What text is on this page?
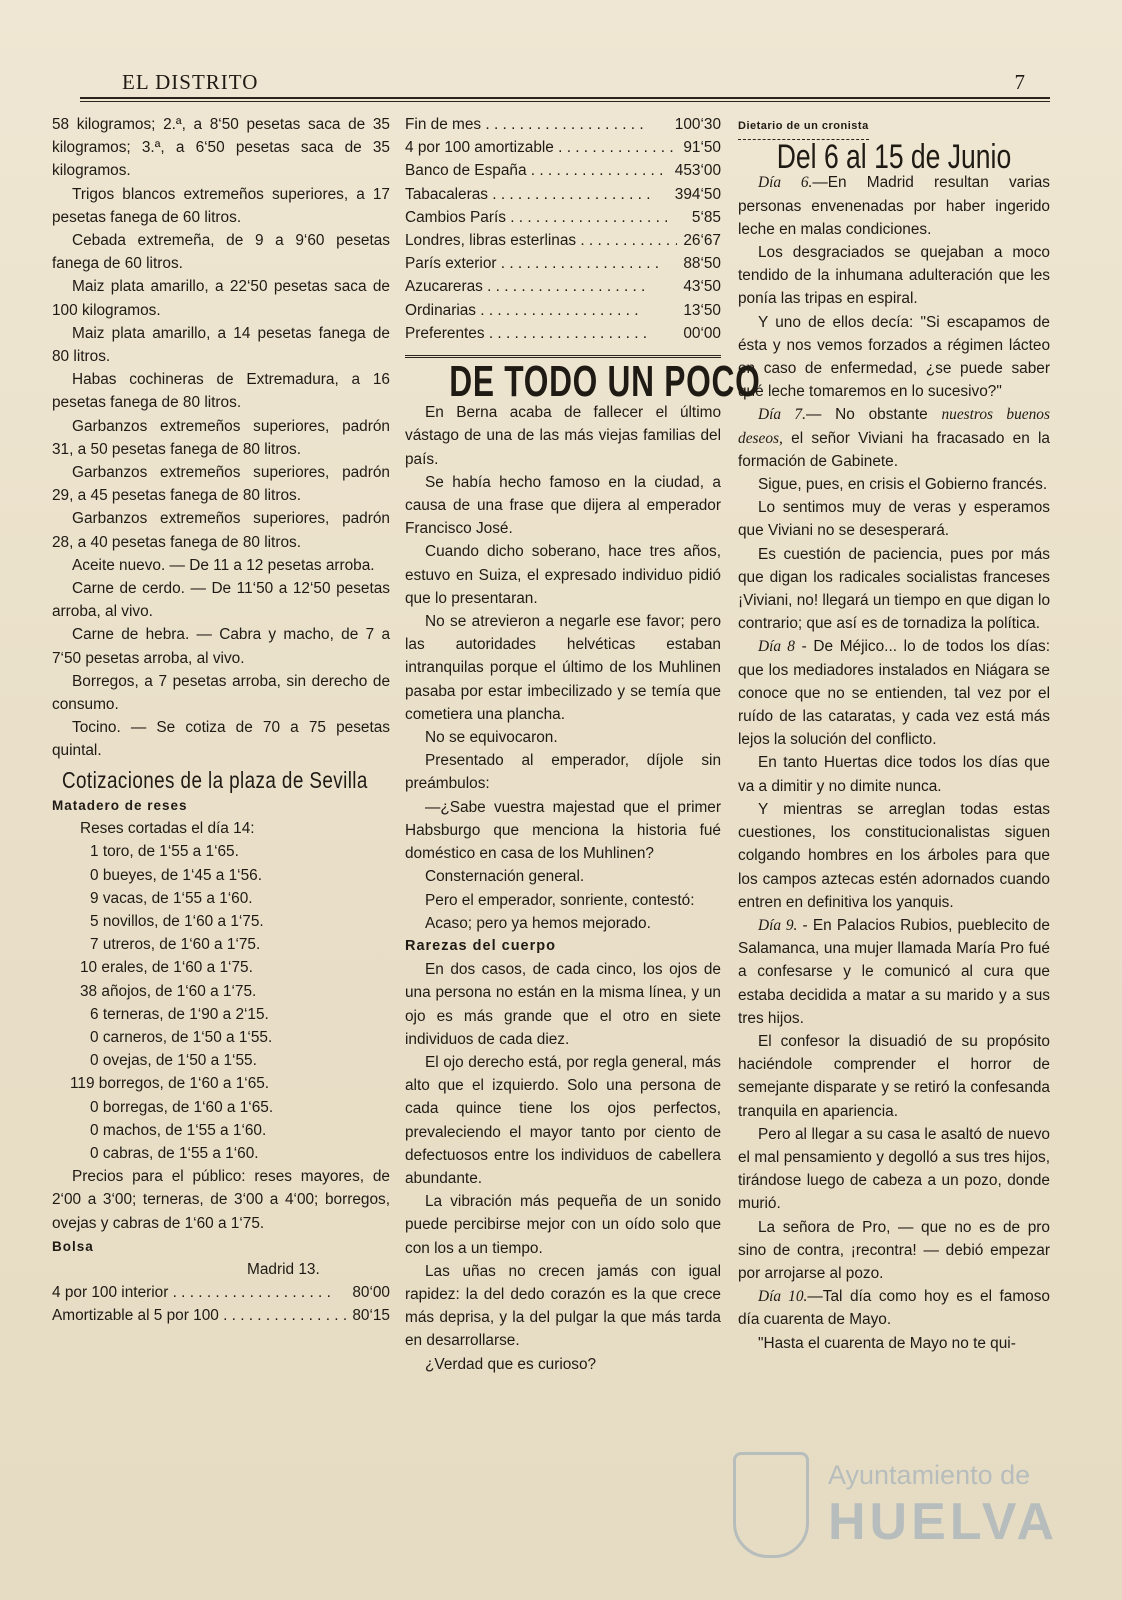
EL DISTRITO	7

58 kilogramos; 2.ª, a 8‘50 pesetas saca de 35 kilogramos; 3.ª, a 6‘50 pesetas saca de 35 kilogramos.

Trigos blancos extremeños superiores, a 17 pesetas fanega de 60 litros.

Cebada extremeña, de 9 a 9‘60 pesetas fanega de 60 litros.

Maiz plata amarillo, a 22‘50 pesetas saca de 100 kilogramos.

Maiz plata amarillo, a 14 pesetas fanega de 80 litros.

Habas cochineras de Extremadura, a 16 pesetas fanega de 80 litros.

Garbanzos extremeños superiores, padrón 31, a 50 pesetas fanega de 80 litros.

Garbanzos extremeños superiores, padrón 29, a 45 pesetas fanega de 80 litros.

Garbanzos extremeños superiores, padrón 28, a 40 pesetas fanega de 80 litros.

Aceite nuevo. — De 11 a 12 pesetas arroba.

Carne de cerdo. — De 11‘50 a 12‘50 pesetas arroba, al vivo.

Carne de hebra. — Cabra y macho, de 7 a 7‘50 pesetas arroba, al vivo.

Borregos, a 7 pesetas arroba, sin derecho de consumo.

Tocino. — Se cotiza de 70 a 75 pesetas quintal.

Cotizaciones de la plaza de Sevilla

Matadero de reses

Reses cortadas el día 14:

1 toro, de 1‘55 a 1‘65.

0 bueyes, de 1‘45 a 1‘56.

9 vacas, de 1‘55 a 1‘60.

5 novillos, de 1‘60 a 1‘75.

7 utreros, de 1‘60 a 1‘75.

10 erales, de 1‘60 a 1‘75.

38 añojos, de 1‘60 a 1‘75.

6 terneras, de 1‘90 a 2‘15.

0 carneros, de 1‘50 a 1‘55.

0 ovejas, de 1‘50 a 1‘55.

119 borregos, de 1‘60 a 1‘65.

0 borregas, de 1‘60 a 1‘65.

0 machos, de 1‘55 a 1‘60.

0 cabras, de 1‘55 a 1‘60.

Precios para el público: reses mayores, de 2‘00 a 3‘00; terneras, de 3‘00 a 4‘00; borregos, ovejas y cabras de 1‘60 a 1‘75.

Bolsa

Madrid 13.

4 por 100 interior . . .	80‘00
Amortizable al 5 por 100 . . .	80‘15
Fin de mes . . .	100‘30
4 por 100 amortizable . . .	91‘50
Banco de España . . .	453‘00
Tabacaleras . . .	394‘50
Cambios París . . .	5‘85
Londres, libras esterlinas . . .	26‘67
París exterior . . .	88‘50
Azucareras . . .	43‘50
Ordinarias . . .	13‘50
Preferentes . . .	00‘00
DE TODO UN POCO

En Berna acaba de fallecer el último vástago de una de las más viejas familias del país.

Se había hecho famoso en la ciudad, a causa de una frase que dijera al emperador Francisco José.

Cuando dicho soberano, hace tres años, estuvo en Suiza, el expresado individuo pidió que lo presentaran.

No se atrevieron a negarle ese favor; pero las autoridades helvéticas estaban intranquilas porque el último de los Muhlinen pasaba por estar imbecilizado y se temía que cometiera una plancha.

No se equivocaron.

Presentado al emperador, díjole sin preámbulos:

—¿Sabe vuestra majestad que el primer Habsburgo que menciona la historia fué doméstico en casa de los Muhlinen?

Consternación general.

Pero el emperador, sonriente, contestó:

Acaso; pero ya hemos mejorado.

Rarezas del cuerpo

En dos casos, de cada cinco, los ojos de una persona no están en la misma línea, y un ojo es más grande que el otro en siete individuos de cada diez.

El ojo derecho está, por regla general, más alto que el izquierdo. Solo una persona de cada quince tiene los ojos perfectos, prevaleciendo el mayor tanto por ciento de defectuosos entre los individuos de cabellera abundante.

La vibración más pequeña de un sonido puede percibirse mejor con un oído solo que con los a un tiempo.

Las uñas no crecen jamás con igual rapidez: la del dedo corazón es la que crece más deprisa, y la del pulgar la que más tarda en desarrollarse.

¿Verdad que es curioso?

Dietario de un cronista

Del 6 al 15 de Junio

Día 6.—En Madrid resultan varias personas envenenadas por haber ingerido leche en malas condiciones.

Los desgraciados se quejaban a moco tendido de la inhumana adulteración que les ponía las tripas en espiral.

Y uno de ellos decía: "Si escapamos de ésta y nos vemos forzados a régimen lácteo en caso de enfermedad, ¿se puede saber qué leche tomaremos en lo sucesivo?"

Día 7.— No obstante nuestros buenos deseos, el señor Viviani ha fracasado en la formación de Gabinete.

Sigue, pues, en crisis el Gobierno francés.

Lo sentimos muy de veras y esperamos que Viviani no se desesperará.

Es cuestión de paciencia, pues por más que digan los radicales socialistas franceses ¡Viviani, no! llegará un tiempo en que digan lo contrario; que así es de tornadiza la política.

Día 8 - De Méjico... lo de todos los días: que los mediadores instalados en Niágara se conoce que no se entienden, tal vez por el ruído de las cataratas, y cada vez está más lejos la solución del conflicto.

En tanto Huertas dice todos los días que va a dimitir y no dimite nunca.

Y mientras se arreglan todas estas cuestiones, los constitucionalistas siguen colgando hombres en los árboles para que los campos aztecas estén adornados cuando entren en definitiva los yanquis.

Día 9. - En Palacios Rubios, pueblecito de Salamanca, una mujer llamada María Pro fué a confesarse y le comunicó al cura que estaba decidida a matar a su marido y a sus tres hijos.

El confesor la disuadió de su propósito haciéndole comprender el horror de semejante disparate y se retiró la confesanda tranquila en apariencia.

Pero al llegar a su casa le asaltó de nuevo el mal pensamiento y degolló a sus tres hijos, tirándose luego de cabeza a un pozo, donde murió.

La señora de Pro, — que no es de pro sino de contra, ¡recontra! — debió empezar por arrojarse al pozo.

Día 10.—Tal día como hoy es el famoso día cuarenta de Mayo.

"Hasta el cuarenta de Mayo no te qui-

Ayuntamiento de
HUELVA
